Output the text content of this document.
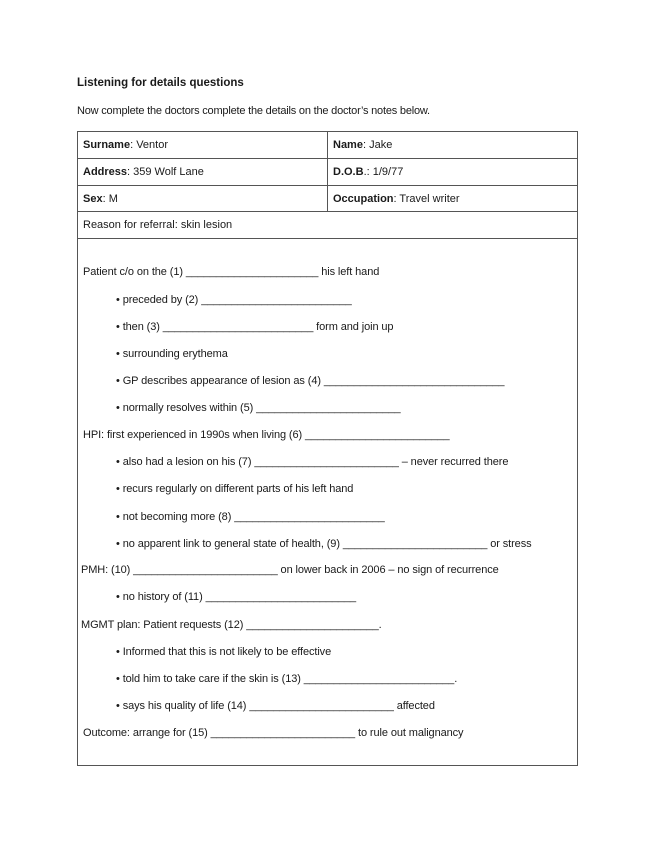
Listening for details questions
Now complete the doctors complete the details on the doctor’s notes below.
Surname : Ventor	Name : Jake
Address : 359 Wolf Lane	D.O.B .: 1/9/77
Sex : M	Occupation : Travel writer
Reason for referral: skin lesion
Patient c/o on the (1) ______________________ his left hand
• preceded by (2) _________________________
• then (3) _________________________ form and join up
• surrounding erythema
• GP describes appearance of lesion as (4) ______________________________
• normally resolves within (5) ________________________
HPI: first experienced in 1990s when living (6) ________________________
• also had a lesion on his (7) ________________________ – never recurred there
• recurs regularly on different parts of his left hand
• not becoming more (8) _________________________
• no apparent link to general state of health, (9) ________________________ or stress
PMH: (10) ________________________ on lower back in 2006 – no sign of recurrence
• no history of (11) _________________________
MGMT plan: Patient requests (12) ______________________.
• Informed that this is not likely to be effective
• told him to take care if the skin is (13) _________________________.
• says his quality of life (14) ________________________ affected
Outcome: arrange for (15) ________________________ to rule out malignancy
